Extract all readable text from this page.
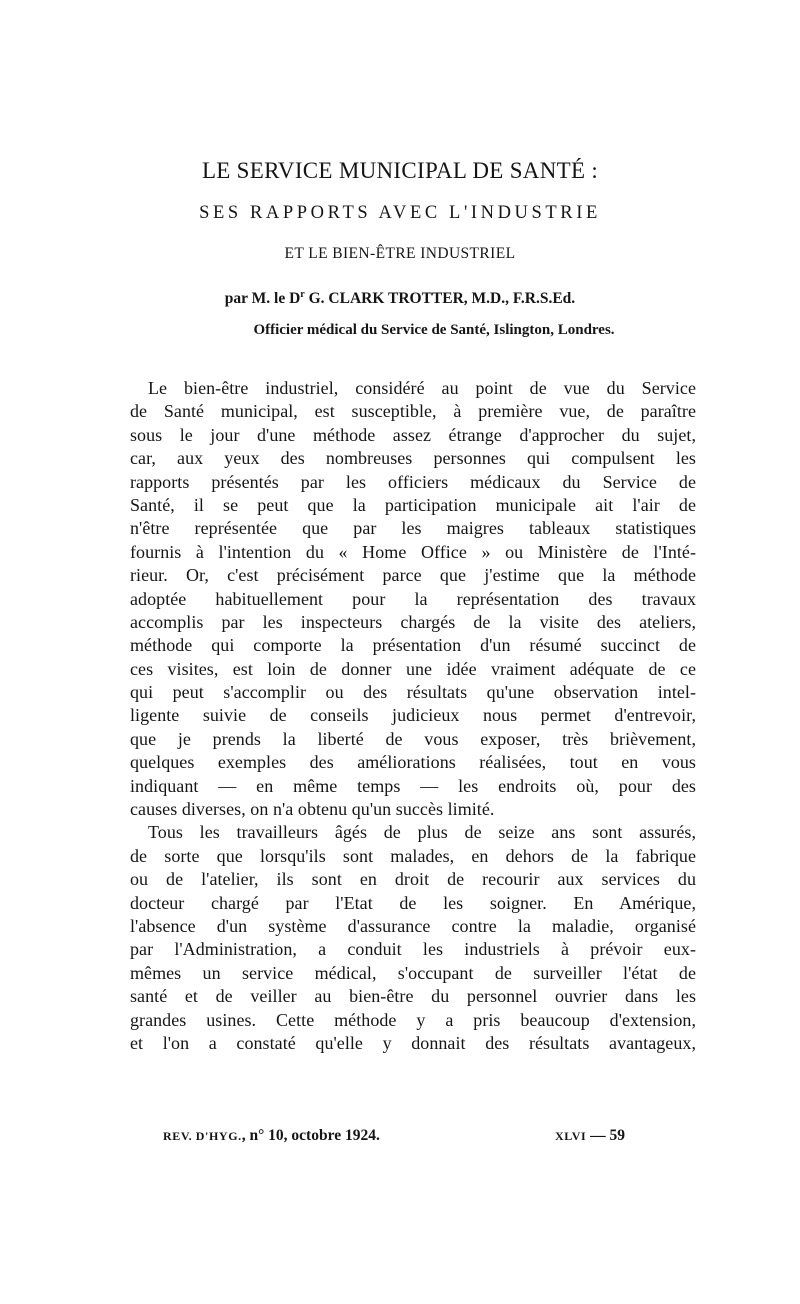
LE SERVICE MUNICIPAL DE SANTÉ :
SES RAPPORTS AVEC L'INDUSTRIE
ET LE BIEN-ÊTRE INDUSTRIEL
par M. le $D^r$ G. CLARK TROTTER, M.D., F.R.S.Ed.
Officier médical du Service de Santé, Islington, Londres.
Le bien-être industriel, considéré au point de vue du Service
de Santé municipal, est susceptible, à première vue, de paraître
sous le jour d'une méthode assez étrange d'approcher du sujet,
car, aux yeux des nombreuses personnes qui compulsent les
rapports présentés par les officiers médicaux du Service de
Santé, il se peut que la participation municipale ait l'air de
n'être représentée que par les maigres tableaux statistiques
fournis à l'intention du « Home Office » ou Ministère de l'Inté-
rieur. Or, c'est précisément parce que j'estime que la méthode
adoptée habituellement pour la représentation des travaux
accomplis par les inspecteurs chargés de la visite des ateliers,
méthode qui comporte la présentation d'un résumé succinct de
ces visites, est loin de donner une idée vraiment adéquate de ce
qui peut s'accomplir ou des résultats qu'une observation intel-
ligente suivie de conseils judicieux nous permet d'entrevoir,
que je prends la liberté de vous exposer, très brièvement,
quelques exemples des améliorations réalisées, tout en vous
indiquant — en même temps — les endroits où, pour des
causes diverses, on n'a obtenu qu'un succès limité.
Tous les travailleurs âgés de plus de seize ans sont assurés,
de sorte que lorsqu'ils sont malades, en dehors de la fabrique
ou de l'atelier, ils sont en droit de recourir aux services du
docteur chargé par l'Etat de les soigner. En Amérique,
l'absence d'un système d'assurance contre la maladie, organisé
par l'Administration, a conduit les industriels à prévoir eux-
mêmes un service médical, s'occupant de surveiller l'état de
santé et de veiller au bien-être du personnel ouvrier dans les
grandes usines. Cette méthode y a pris beaucoup d'extension,
et l'on a constaté qu'elle y donnait des résultats avantageux,
REV. D'HYG., n° 10, octobre 1924.	XLVI — 59
